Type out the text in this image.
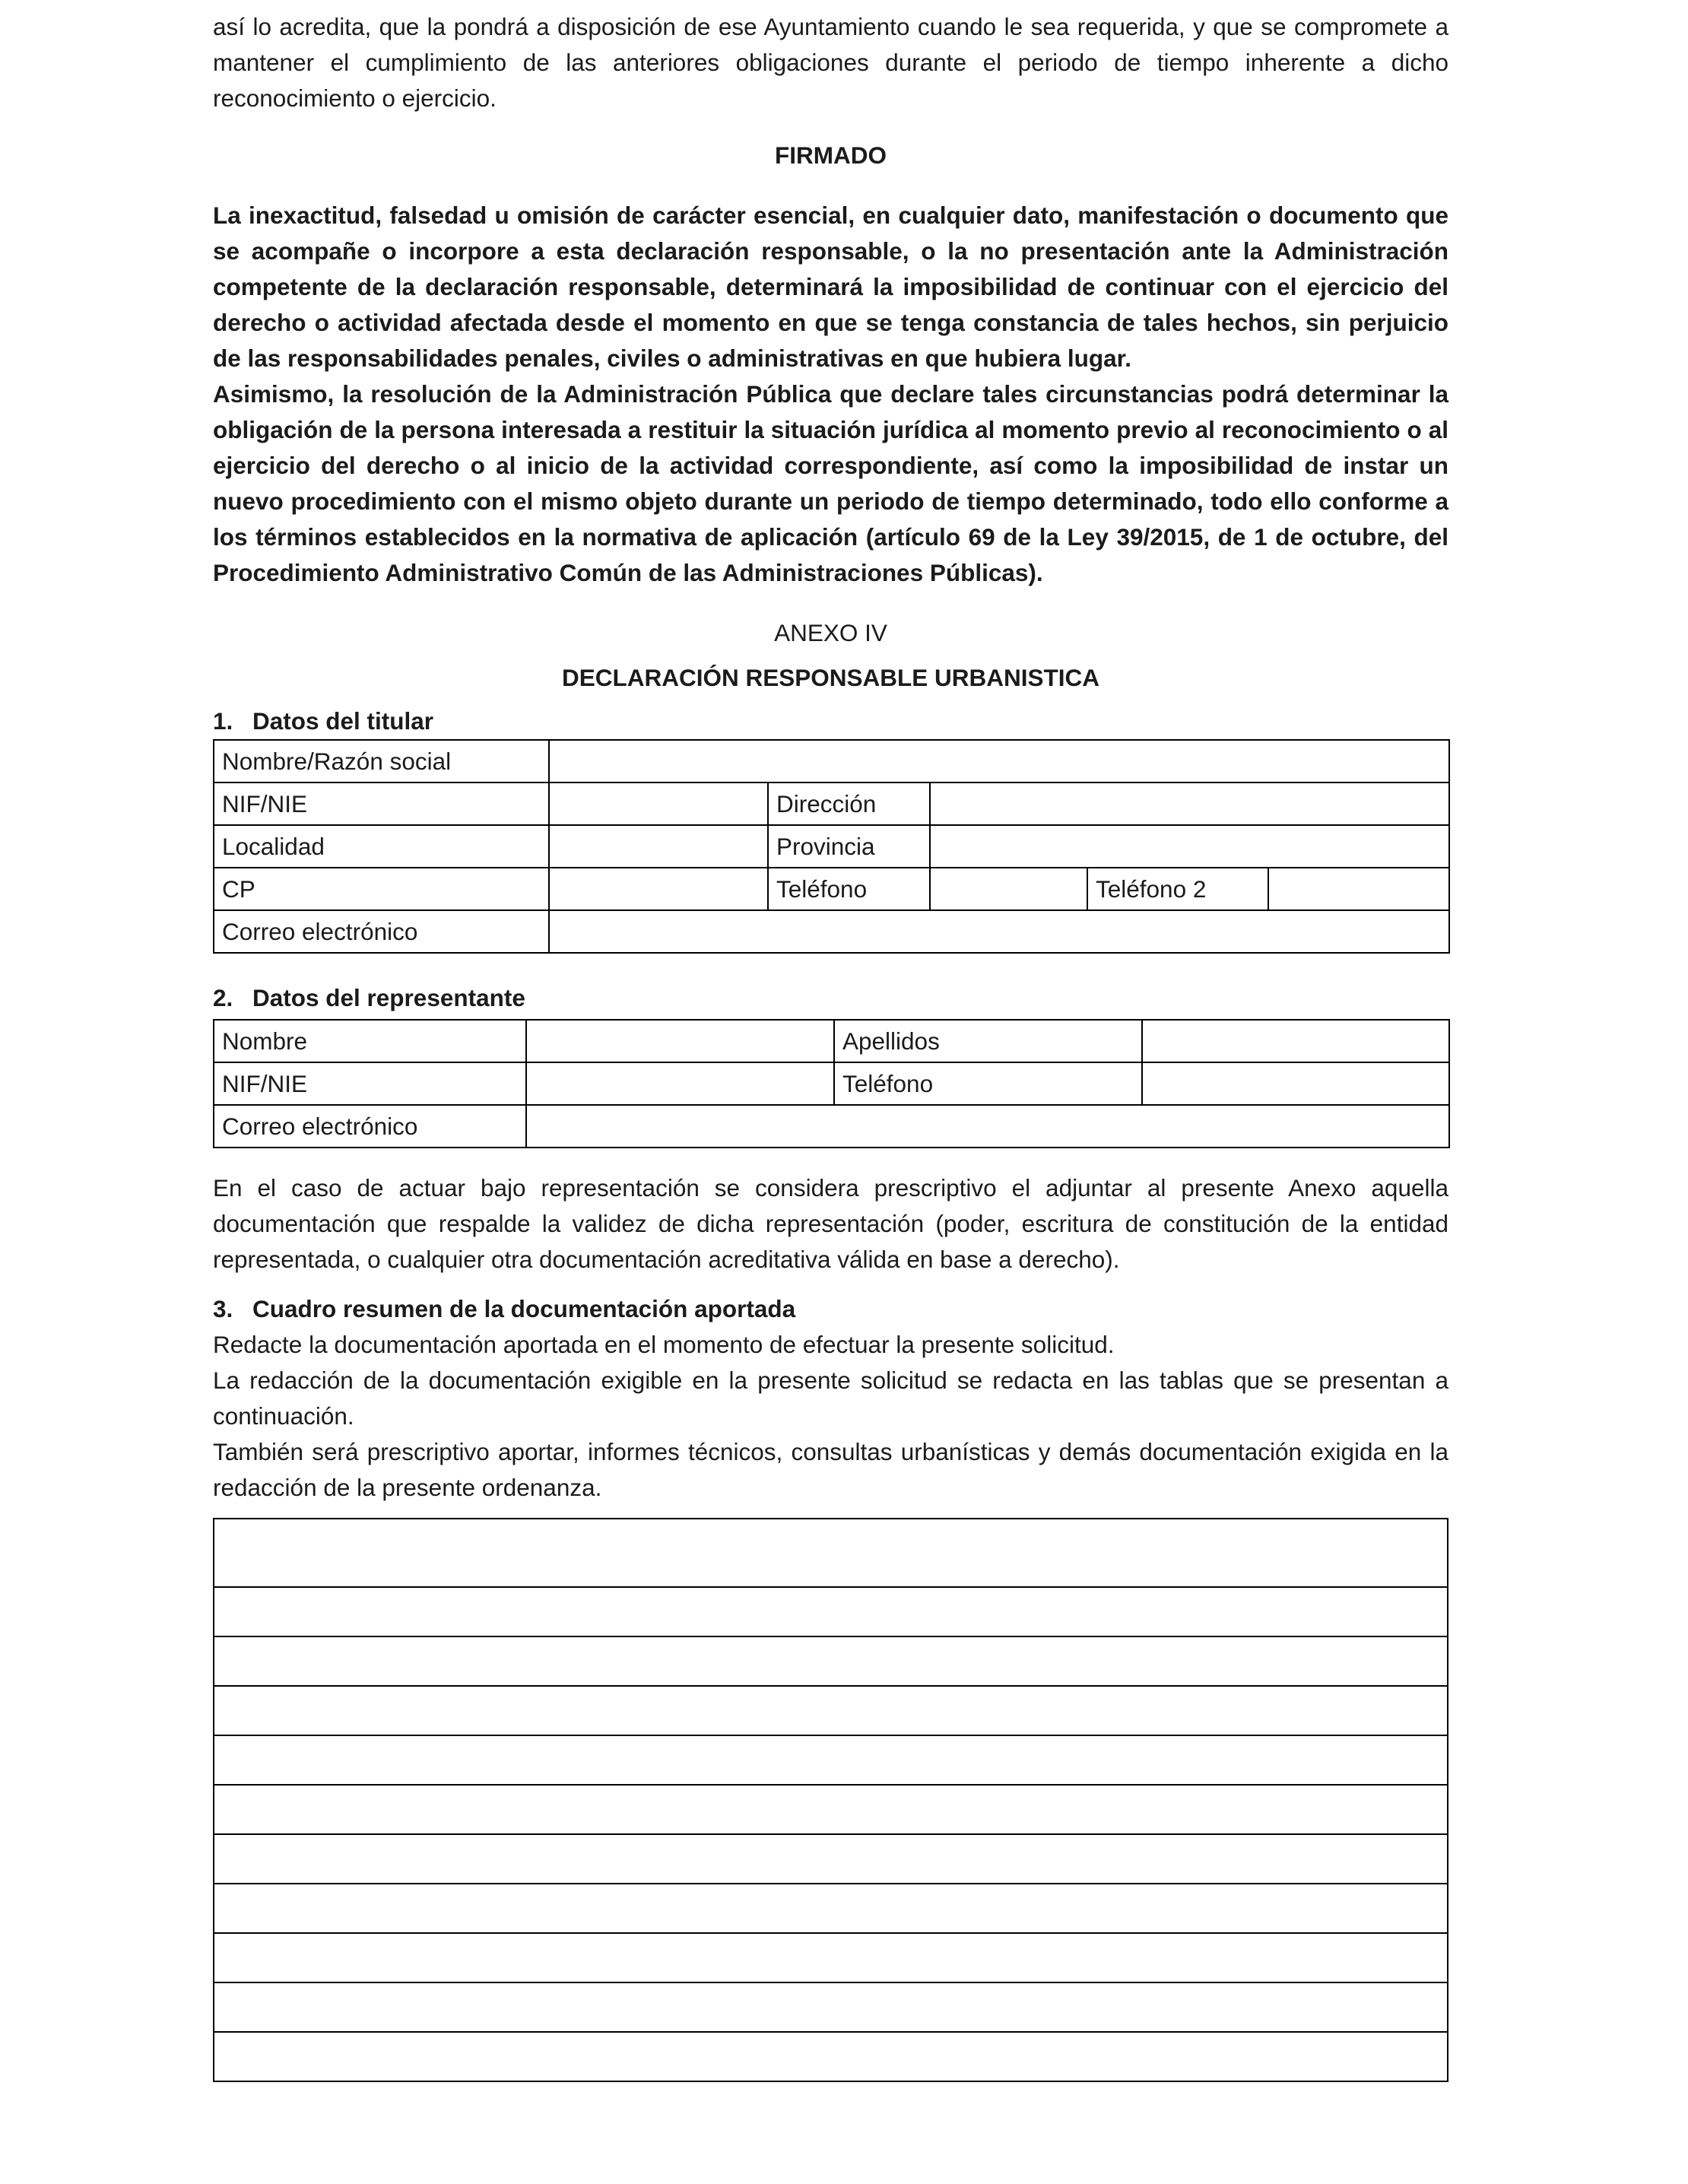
así lo acredita, que la pondrá a disposición de ese Ayuntamiento cuando le sea requerida, y que se compromete a mantener el cumplimiento de las anteriores obligaciones durante el periodo de tiempo inherente a dicho reconocimiento o ejercicio.

FIRMADO

La inexactitud, falsedad u omisión de carácter esencial, en cualquier dato, manifestación o documento que se acompañe o incorpore a esta declaración responsable, o la no presentación ante la Administración competente de la declaración responsable, determinará la imposibilidad de continuar con el ejercicio del derecho o actividad afectada desde el momento en que se tenga constancia de tales hechos, sin perjuicio de las responsabilidades penales, civiles o administrativas en que hubiera lugar.

Asimismo, la resolución de la Administración Pública que declare tales circunstancias podrá determinar la obligación de la persona interesada a restituir la situación jurídica al momento previo al reconocimiento o al ejercicio del derecho o al inicio de la actividad correspondiente, así como la imposibilidad de instar un nuevo procedimiento con el mismo objeto durante un periodo de tiempo determinado, todo ello conforme a los términos establecidos en la normativa de aplicación (artículo 69 de la Ley 39/2015, de 1 de octubre, del Procedimiento Administrativo Común de las Administraciones Públicas).

ANEXO IV

DECLARACIÓN RESPONSABLE URBANISTICA

1. Datos del titular
Nombre/Razón social					
NIF/NIE		Dirección			
Localidad		Provincia			
CP		Teléfono		Teléfono 2	
Correo electrónico					
2. Datos del representante
Nombre		Apellidos	
NIF/NIE		Teléfono	
Correo electrónico			

En el caso de actuar bajo representación se considera prescriptivo el adjuntar al presente Anexo aquella documentación que respalde la validez de dicha representación (poder, escritura de constitución de la entidad representada, o cualquier otra documentación acreditativa válida en base a derecho).

3. Cuadro resumen de la documentación aportada

Redacte la documentación aportada en el momento de efectuar la presente solicitud.

La redacción de la documentación exigible en la presente solicitud se redacta en las tablas que se presentan a continuación.

También será prescriptivo aportar, informes técnicos, consultas urbanísticas y demás documentación exigida en la redacción de la presente ordenanza.
